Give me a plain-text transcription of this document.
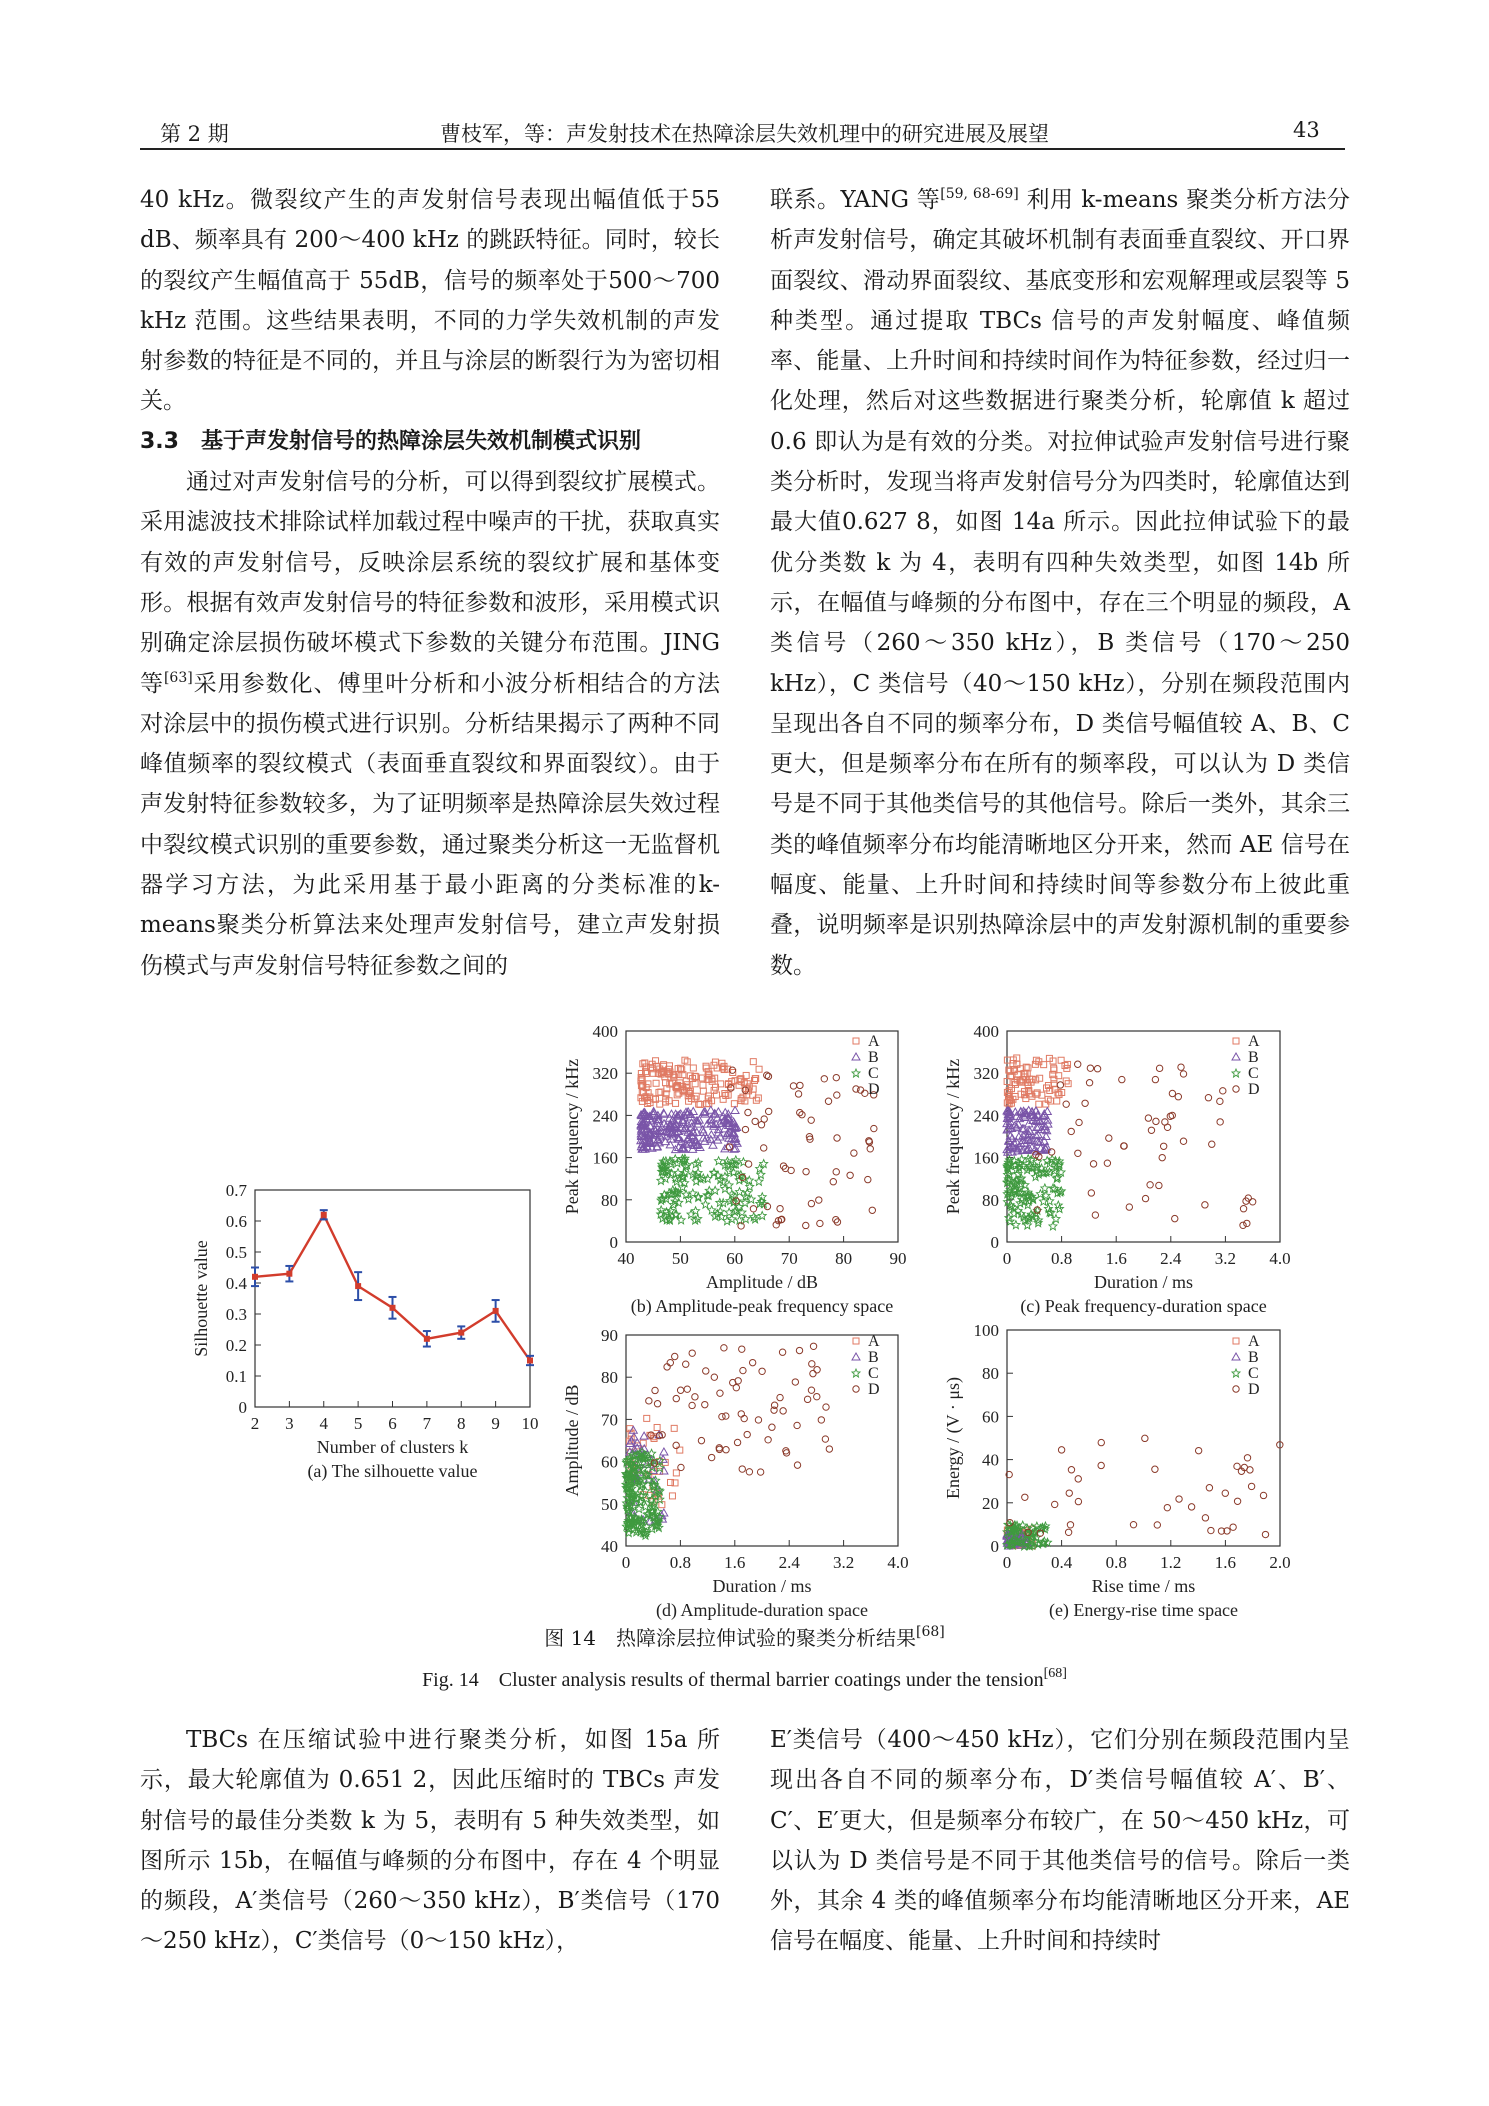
第 2 期	曹枝军，等：声发射技术在热障涂层失效机理中的研究进展及展望	43

40 kHz。微裂纹产生的声发射信号表现出幅值低于55 dB、频率具有 200～400 kHz 的跳跃特征。同时，较长的裂纹产生幅值高于 55dB，信号的频率处于500～700 kHz 范围。这些结果表明，不同的力学失效机制的声发射参数的特征是不同的，并且与涂层的断裂行为为密切相关。

3.3　 基于声发射信号的热障涂层失效机制模式识别

通过对声发射信号的分析，可以得到裂纹扩展模式。采用滤波技术排除试样加载过程中噪声的干扰，获取真实有效的声发射信号，反映涂层系统的裂纹扩展和基体变形。根据有效声发射信号的特征参数和波形，采用模式识别确定涂层损伤破坏模式下参数的关键分布范围。JING 等[63]采用参数化、傅里叶分析和小波分析相结合的方法对涂层中的损伤模式进行识别。分析结果揭示了两种不同峰值频率的裂纹模式（表面垂直裂纹和界面裂纹）。由于声发射特征参数较多，为了证明频率是热障涂层失效过程中裂纹模式识别的重要参数，通过聚类分析这一无监督机器学习方法，为此采用基于最小距离的分类标准的k-means聚类分析算法来处理声发射信号，建立声发射损伤模式与声发射信号特征参数之间的

联系。YANG 等[59, 68-69] 利用 k-means 聚类分析方法分析声发射信号，确定其破坏机制有表面垂直裂纹、开口界面裂纹、滑动界面裂纹、基底变形和宏观解理或层裂等 5 种类型。通过提取 TBCs 信号的声发射幅度、峰值频率、能量、上升时间和持续时间作为特征参数，经过归一化处理，然后对这些数据进行聚类分析，轮廓值 k 超过 0.6 即认为是有效的分类。对拉伸试验声发射信号进行聚类分析时，发现当将声发射信号分为四类时，轮廓值达到最大值0.627 8，如图 14a 所示。因此拉伸试验下的最优分类数 k 为 4，表明有四种失效类型，如图 14b 所示，在幅值与峰频的分布图中，存在三个明显的频段，A 类信号（260～350 kHz），B 类信号（170～250 kHz），C 类信号（40～150 kHz），分别在频段范围内呈现出各自不同的频率分布，D 类信号幅值较 A、B、C 更大，但是频率分布在所有的频率段，可以认为 D 类信号是不同于其他类信号的其他信号。除后一类外，其余三类的峰值频率分布均能清晰地区分开来，然而 AE 信号在幅度、能量、上升时间和持续时间等参数分布上彼此重叠，说明频率是识别热障涂层中的声发射源机制的重要参数。

2 3 4 5 6 7 8 9 10
0
0.1
0.2
0.3
0.4
0.5
0.6
0.7
Number of clusters k
Silhouette value
(a) The silhouette value
40 50 60 70 80 90
0
80
160
240
320
400
Amplitude / dB
Peak frequency / kHz
(b) Amplitude-peak frequency space
A
B
C
D
0 0.8 1.6 2.4 3.2 4.0
0
80
160
240
320
400
Duration / ms
Peak frequency / kHz
(c) Peak frequency-duration space
A
B
C
D
0 0.8 1.6 2.4 3.2 4.0
40
50
60
70
80
90
Duration / ms
Amplitude / dB
(d) Amplitude-duration space
A
B
C
D
0 0.4 0.8 1.2 1.6 2.0
0
20
40
60
80
100
Rise time / ms
Energy / (V · μs)
(e) Energy-rise time space
A
B
C
D
图 14　热障涂层拉伸试验的聚类分析结果[68]
Fig. 14　Cluster analysis results of thermal barrier coatings under the tension[68]

TBCs 在压缩试验中进行聚类分析，如图 15a 所示，最大轮廓值为 0.651 2，因此压缩时的 TBCs 声发射信号的最佳分类数 k 为 5，表明有 5 种失效类型，如图所示 15b，在幅值与峰频的分布图中，存在 4 个明显的频段，A′类信号（260～350 kHz），B′类信号（170～250 kHz），C′类信号（0～150 kHz），

E′类信号（400～450 kHz），它们分别在频段范围内呈现出各自不同的频率分布，D′类信号幅值较 A′、B′、C′、E′更大，但是频率分布较广，在 50～450 kHz，可以认为 D 类信号是不同于其他类信号的信号。除后一类外，其余 4 类的峰值频率分布均能清晰地区分开来，AE 信号在幅度、能量、上升时间和持续时
